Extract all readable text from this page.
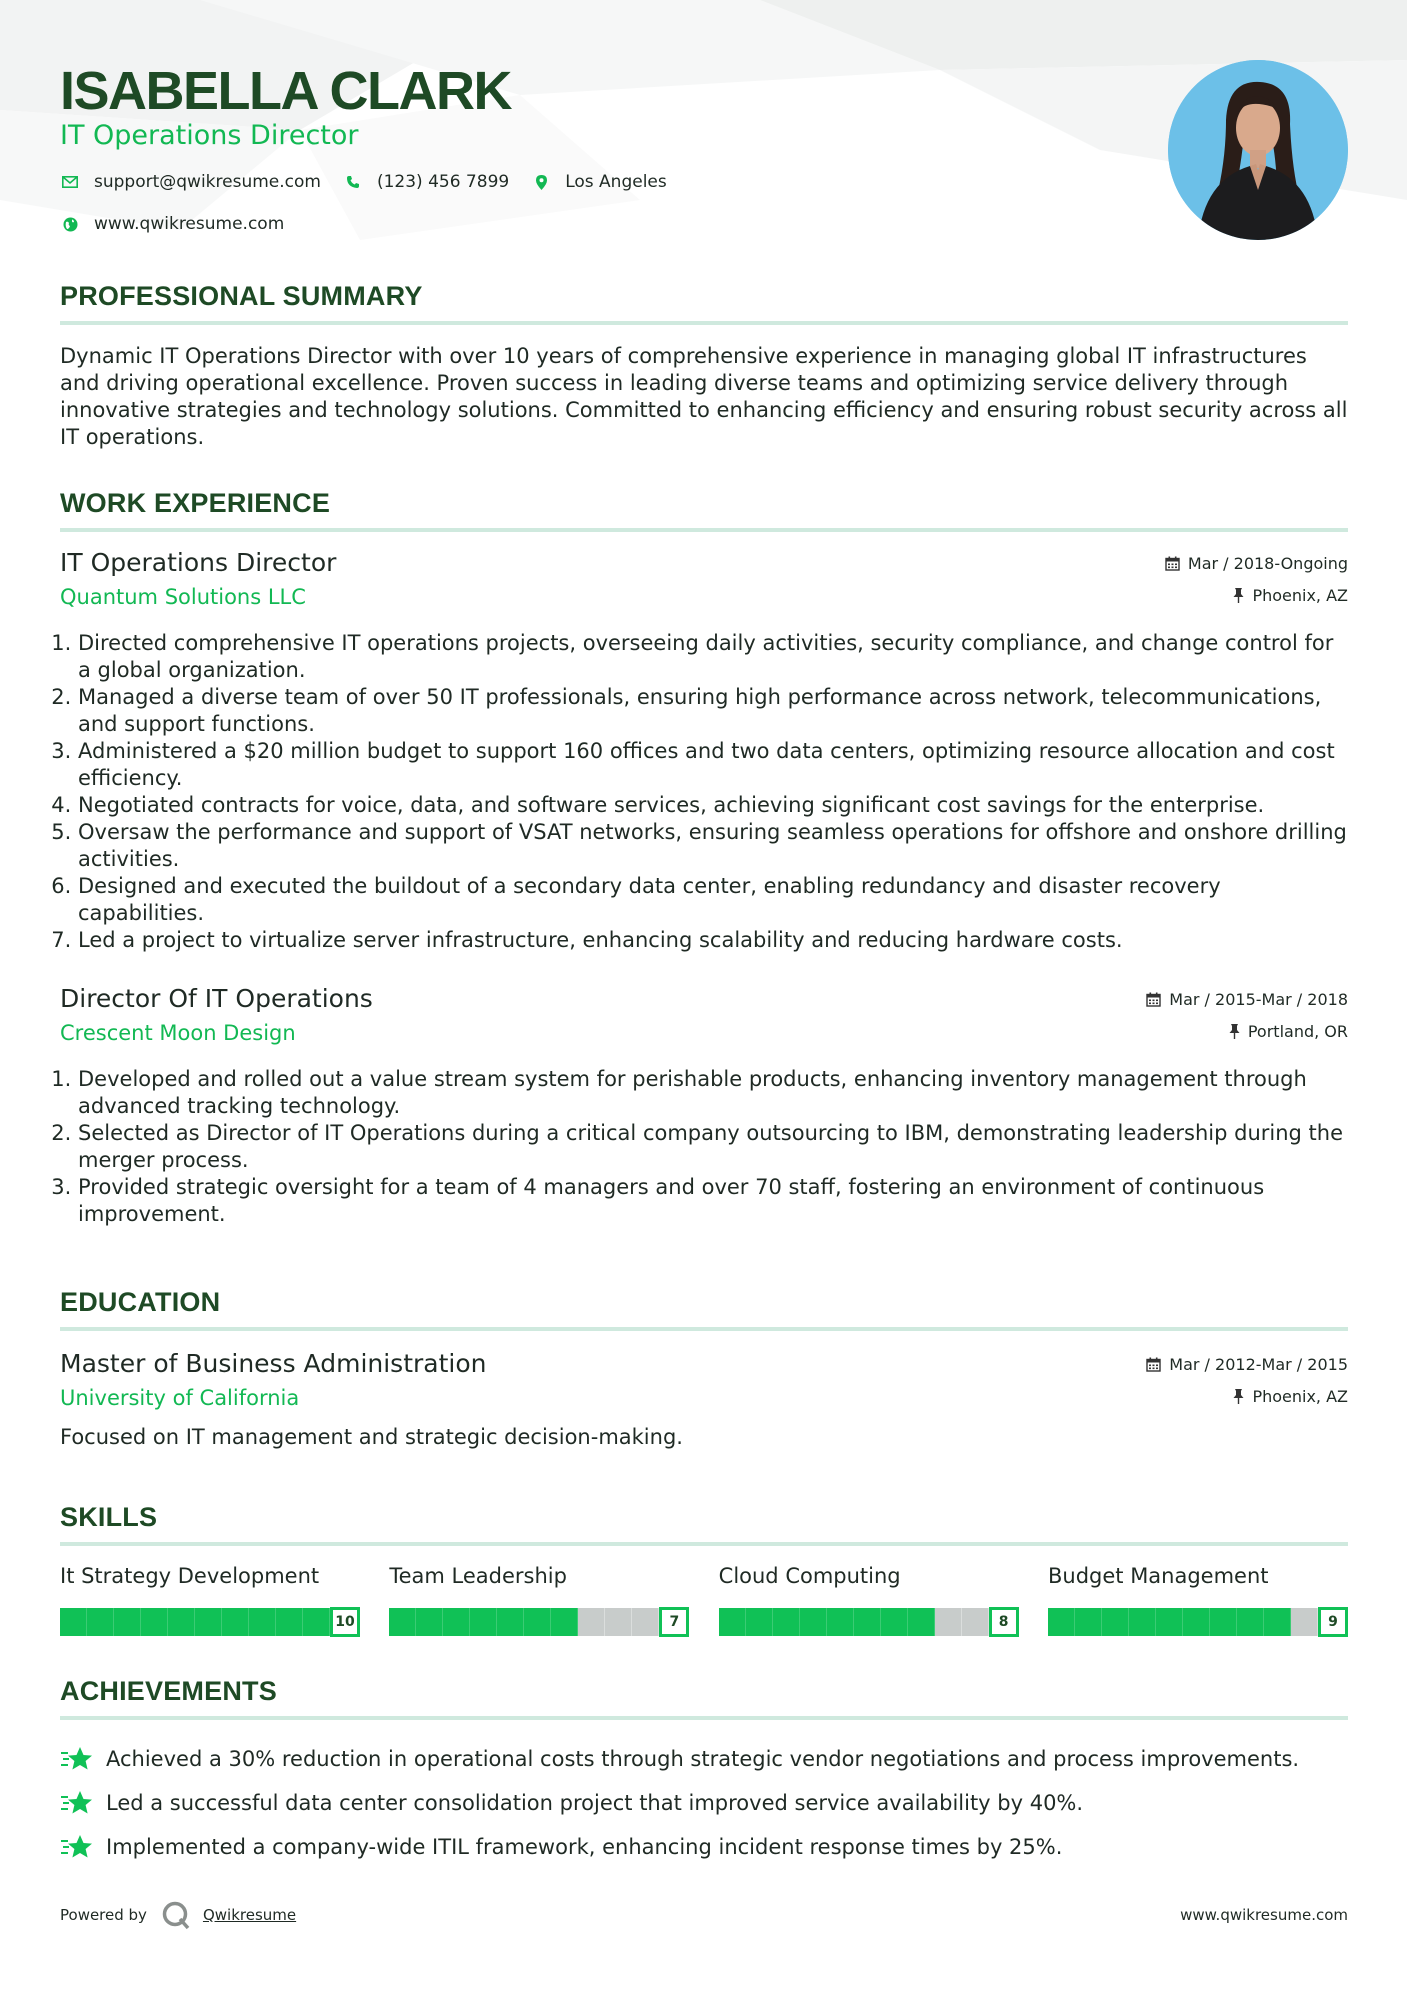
ISABELLA CLARK
IT Operations Director
support@qwikresume.com	(123) 456 7899	Los Angeles
www.qwikresume.com
PROFESSIONAL SUMMARY
Dynamic IT Operations Director with over 10 years of comprehensive experience in managing global IT infrastructures and driving operational excellence. Proven success in leading diverse teams and optimizing service delivery through innovative strategies and technology solutions. Committed to enhancing efficiency and ensuring robust security across all IT operations.
WORK EXPERIENCE
IT Operations Director
Quantum Solutions LLC
Mar / 2018-Ongoing
Phoenix, AZ
1. Directed comprehensive IT operations projects, overseeing daily activities, security compliance, and change control for a global organization.
2. Managed a diverse team of over 50 IT professionals, ensuring high performance across network, telecommunications, and support functions.
3. Administered a $20 million budget to support 160 offices and two data centers, optimizing resource allocation and cost efficiency.
4. Negotiated contracts for voice, data, and software services, achieving significant cost savings for the enterprise.
5. Oversaw the performance and support of VSAT networks, ensuring seamless operations for offshore and onshore drilling activities.
6. Designed and executed the buildout of a secondary data center, enabling redundancy and disaster recovery capabilities.
7. Led a project to virtualize server infrastructure, enhancing scalability and reducing hardware costs.
Director Of IT Operations
Crescent Moon Design
Mar / 2015-Mar / 2018
Portland, OR
1. Developed and rolled out a value stream system for perishable products, enhancing inventory management through advanced tracking technology.
2. Selected as Director of IT Operations during a critical company outsourcing to IBM, demonstrating leadership during the merger process.
3. Provided strategic oversight for a team of 4 managers and over 70 staff, fostering an environment of continuous improvement.
EDUCATION
Master of Business Administration
University of California
Mar / 2012-Mar / 2015
Phoenix, AZ
Focused on IT management and strategic decision-making.
SKILLS
It Strategy Development
10
Team Leadership
7
Cloud Computing
8
Budget Management
9
ACHIEVEMENTS
Achieved a 30% reduction in operational costs through strategic vendor negotiations and process improvements.
Led a successful data center consolidation project that improved service availability by 40%.
Implemented a company-wide ITIL framework, enhancing incident response times by 25%.
Powered by	Qwikresume	www.qwikresume.com
